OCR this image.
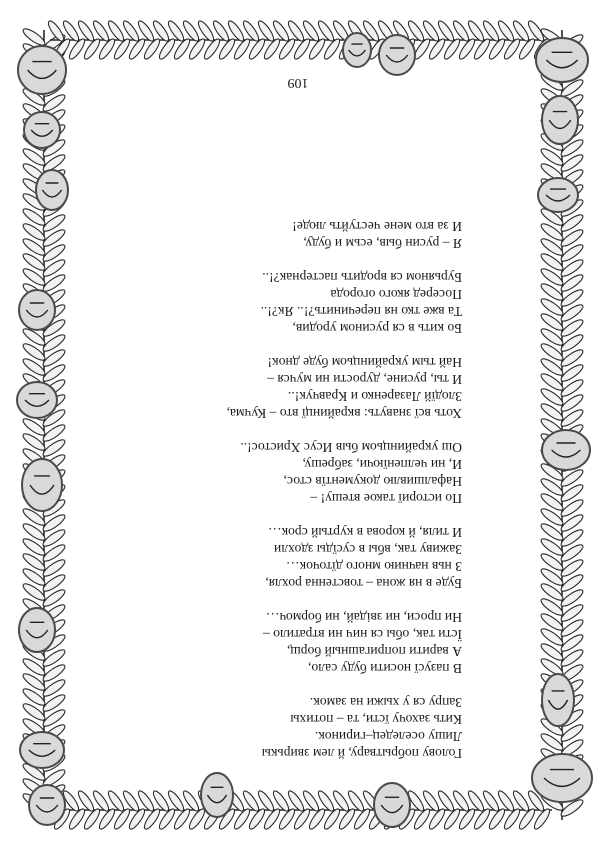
Голову побрытвару, й лем звирькы
Лишу оселедец–гиринок.
Кить захочу їсти, та – потихы
Запру ся у хыжи на замок.
В пазусї носити буду сало,
А варити попригашный борщ,
Їсти так, обы ся нич ни втратило –
Ни проси, ни звідай, ни бормоч…
Буде в ня жона – товстенна рохля,
З ньв начнию много дїточок…
Заживу так, вбы в сусїды здохли
И тиля, й корова в куртый срок…
По историї такое втешу! –
Нафалшивлю документїв стос,
И, ни челпенїючи, забрешу,
Ош украйинцьом быв Исус Христос!..
Хоть всї знавуть: вкрайинцї вто – Кучма,
Злодїй Лазаренко и Кравчук!..
И ты, русине, дурости ни мучся –
Най тым украйинцьом буде днок!
Бо кить в ся русином уродив,
Та вже тко ня перечинить?!.. Як?!..
Посеред якого огорода
Бурьяном ся вродить пастернак?!..
Я – русин быв, есьм и буду,
И за вто мене честуйть люде!
109
